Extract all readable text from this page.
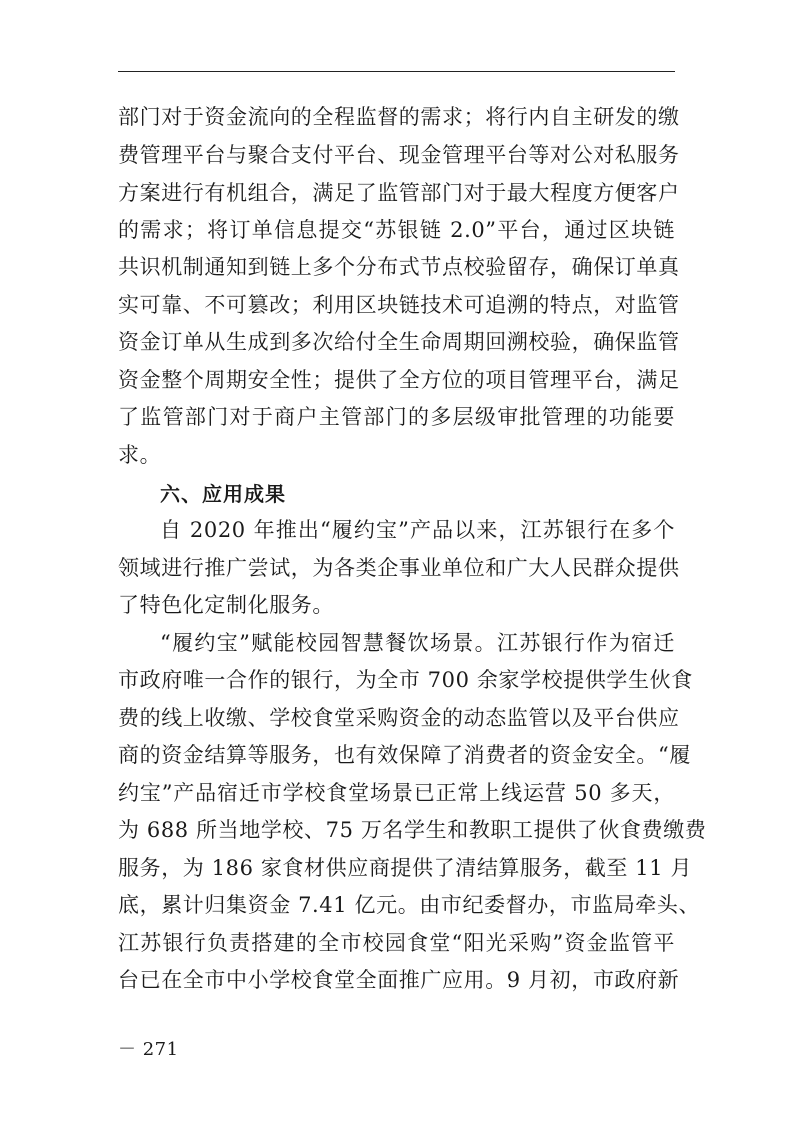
部门对于资金流向的全程监督的需求；将行内自主研发的缴
费管理平台与聚合支付平台、现金管理平台等对公对私服务
方案进行有机组合，满足了监管部门对于最大程度方便客户
的需求；将订单信息提交“苏银链 2.0”平台，通过区块链
共识机制通知到链上多个分布式节点校验留存，确保订单真
实可靠、不可篡改；利用区块链技术可追溯的特点，对监管
资金订单从生成到多次给付全生命周期回溯校验，确保监管
资金整个周期安全性；提供了全方位的项目管理平台，满足
了监管部门对于商户主管部门的多层级审批管理的功能要
求。
六、应用成果
自 2020 年推出“履约宝”产品以来，江苏银行在多个
领域进行推广尝试，为各类企事业单位和广大人民群众提供
了特色化定制化服务。
“履约宝”赋能校园智慧餐饮场景。江苏银行作为宿迁
市政府唯一合作的银行，为全市 700 余家学校提供学生伙食
费的线上收缴、学校食堂采购资金的动态监管以及平台供应
商的资金结算等服务，也有效保障了消费者的资金安全。“履
约宝”产品宿迁市学校食堂场景已正常上线运营 50 多天，
为 688 所当地学校、75 万名学生和教职工提供了伙食费缴费
服务，为 186 家食材供应商提供了清结算服务，截至 11 月
底，累计归集资金 7.41 亿元。由市纪委督办，市监局牵头、
江苏银行负责搭建的全市校园食堂“阳光采购”资金监管平
台已在全市中小学校食堂全面推广应用。9 月初，市政府新
－ 271
